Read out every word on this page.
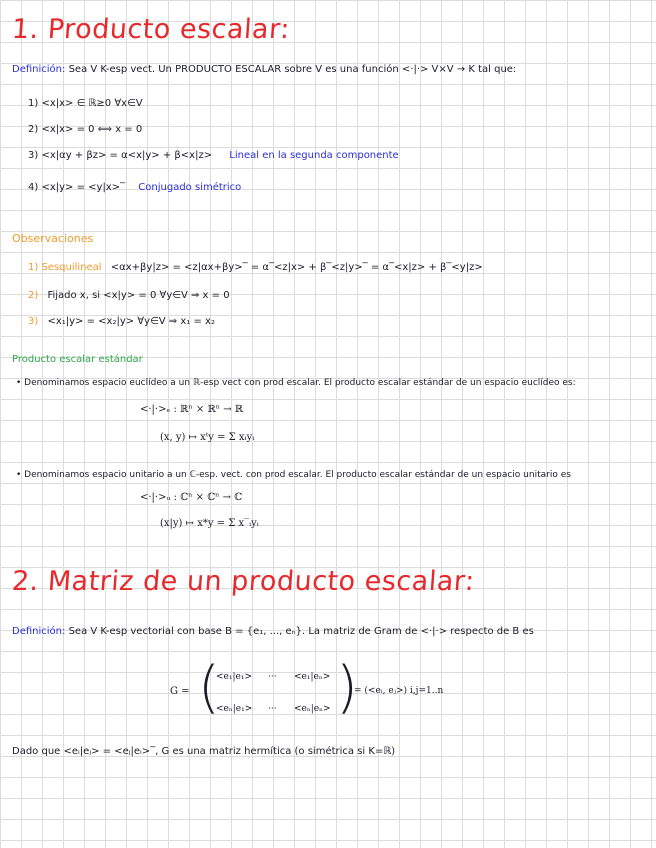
1. Producto escalar:
Definición: Sea V K-esp vect. Un PRODUCTO ESCALAR sobre V es una función <·|·> V×V → K tal que:
1) <x|x> ∈ ℝ≥0 ∀x∈V
2) <x|x> = 0 ⟺ x = 0
3) <x|αy + βz> = α<x|y> + β<x|z> Lineal en la segunda componente
4) <x|y> = <y|x>‾ Conjugado simétrico
Observaciones
1) Sesquilineal <αx+βy|z> = <z|αx+βy>‾ = α‾<z|x> + β‾<z|y>‾ = α‾<x|z> + β‾<y|z>
2) Fijado x, si <x|y> = 0 ∀y∈V ⇒ x = 0
3) <x₁|y> = <x₂|y> ∀y∈V ⇒ x₁ = x₂
Producto escalar estándar
• Denominamos espacio euclídeo a un ℝ-esp vect con prod escalar. El producto escalar estándar de un espacio euclídeo es:
<·|·>ₑ : ℝⁿ × ℝⁿ → ℝ
(x, y) ↦ xᵗy = Σ xᵢyᵢ
• Denominamos espacio unitario a un ℂ-esp. vect. con prod escalar. El producto escalar estándar de un espacio unitario es
<·|·>ᵤ : ℂⁿ × ℂⁿ → ℂ
(x|y) ↦ x*y = Σ x‾ᵢyᵢ
2. Matriz de un producto escalar:
Definición: Sea V K-esp vectorial con base B = {e₁, ..., eₙ}. La matriz de Gram de <·|·> respecto de B es
G = (
<e₁|e₁> ··· <e₁|eₙ>
<eₙ|e₁> ··· <eₙ|eₙ> )
= (<eᵢ, eⱼ>) i,j=1..n
Dado que <eᵢ|eⱼ> = <eⱼ|eᵢ>‾, G es una matriz hermítica (o simétrica si K=ℝ)
